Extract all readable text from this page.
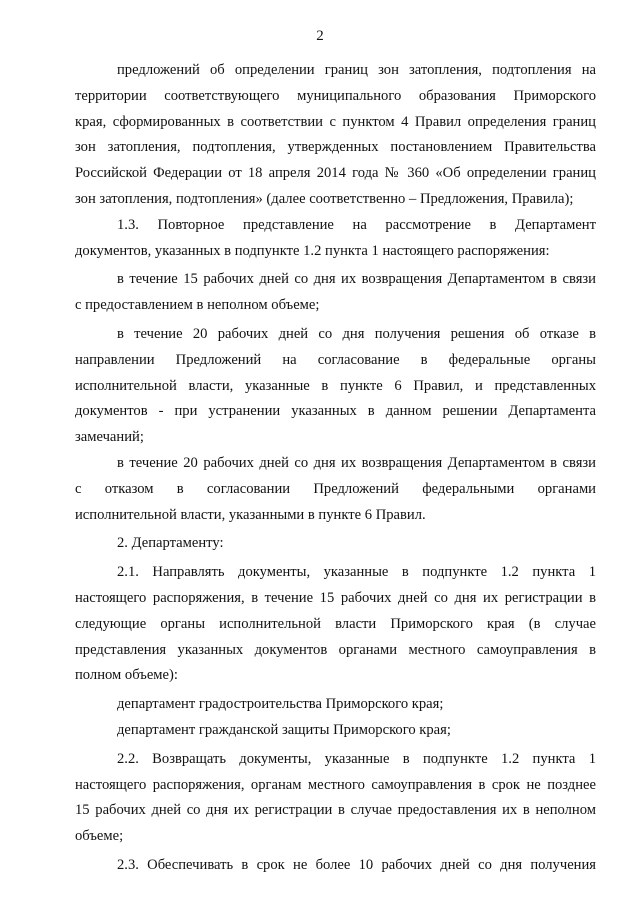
2
предложений об определении границ зон затопления, подтопления на
территории соответствующего муниципального образования Приморского
края, сформированных в соответствии с пунктом 4 Правил определения границ
зон затопления, подтопления, утвержденных постановлением Правительства
Российской Федерации от 18 апреля 2014 года № 360 «Об определении границ
зон затопления, подтопления» (далее соответственно – Предложения, Правила);
1.3. Повторное представление на рассмотрение в Департамент
документов, указанных в подпункте 1.2 пункта 1 настоящего распоряжения:
в течение 15 рабочих дней со дня их возвращения Департаментом в связи
с предоставлением в неполном объеме;
в течение 20 рабочих дней со дня получения решения об отказе в
направлении Предложений на согласование в федеральные органы
исполнительной власти, указанные в пункте 6 Правил, и представленных
документов - при устранении указанных в данном решении Департамента
замечаний;
в течение 20 рабочих дней со дня их возвращения Департаментом в связи
с отказом в согласовании Предложений федеральными органами
исполнительной власти, указанными в пункте 6 Правил.
2. Департаменту:
2.1. Направлять документы, указанные в подпункте 1.2 пункта 1
настоящего распоряжения, в течение 15 рабочих дней со дня их регистрации в
следующие органы исполнительной власти Приморского края (в случае
представления указанных документов органами местного самоуправления в
полном объеме):
департамент градостроительства Приморского края;
департамент гражданской защиты Приморского края;
2.2. Возвращать документы, указанные в подпункте 1.2 пункта 1
настоящего распоряжения, органам местного самоуправления в срок не позднее
15 рабочих дней со дня их регистрации в случае предоставления их в неполном
объеме;
2.3. Обеспечивать в срок не более 10 рабочих дней со дня получения
